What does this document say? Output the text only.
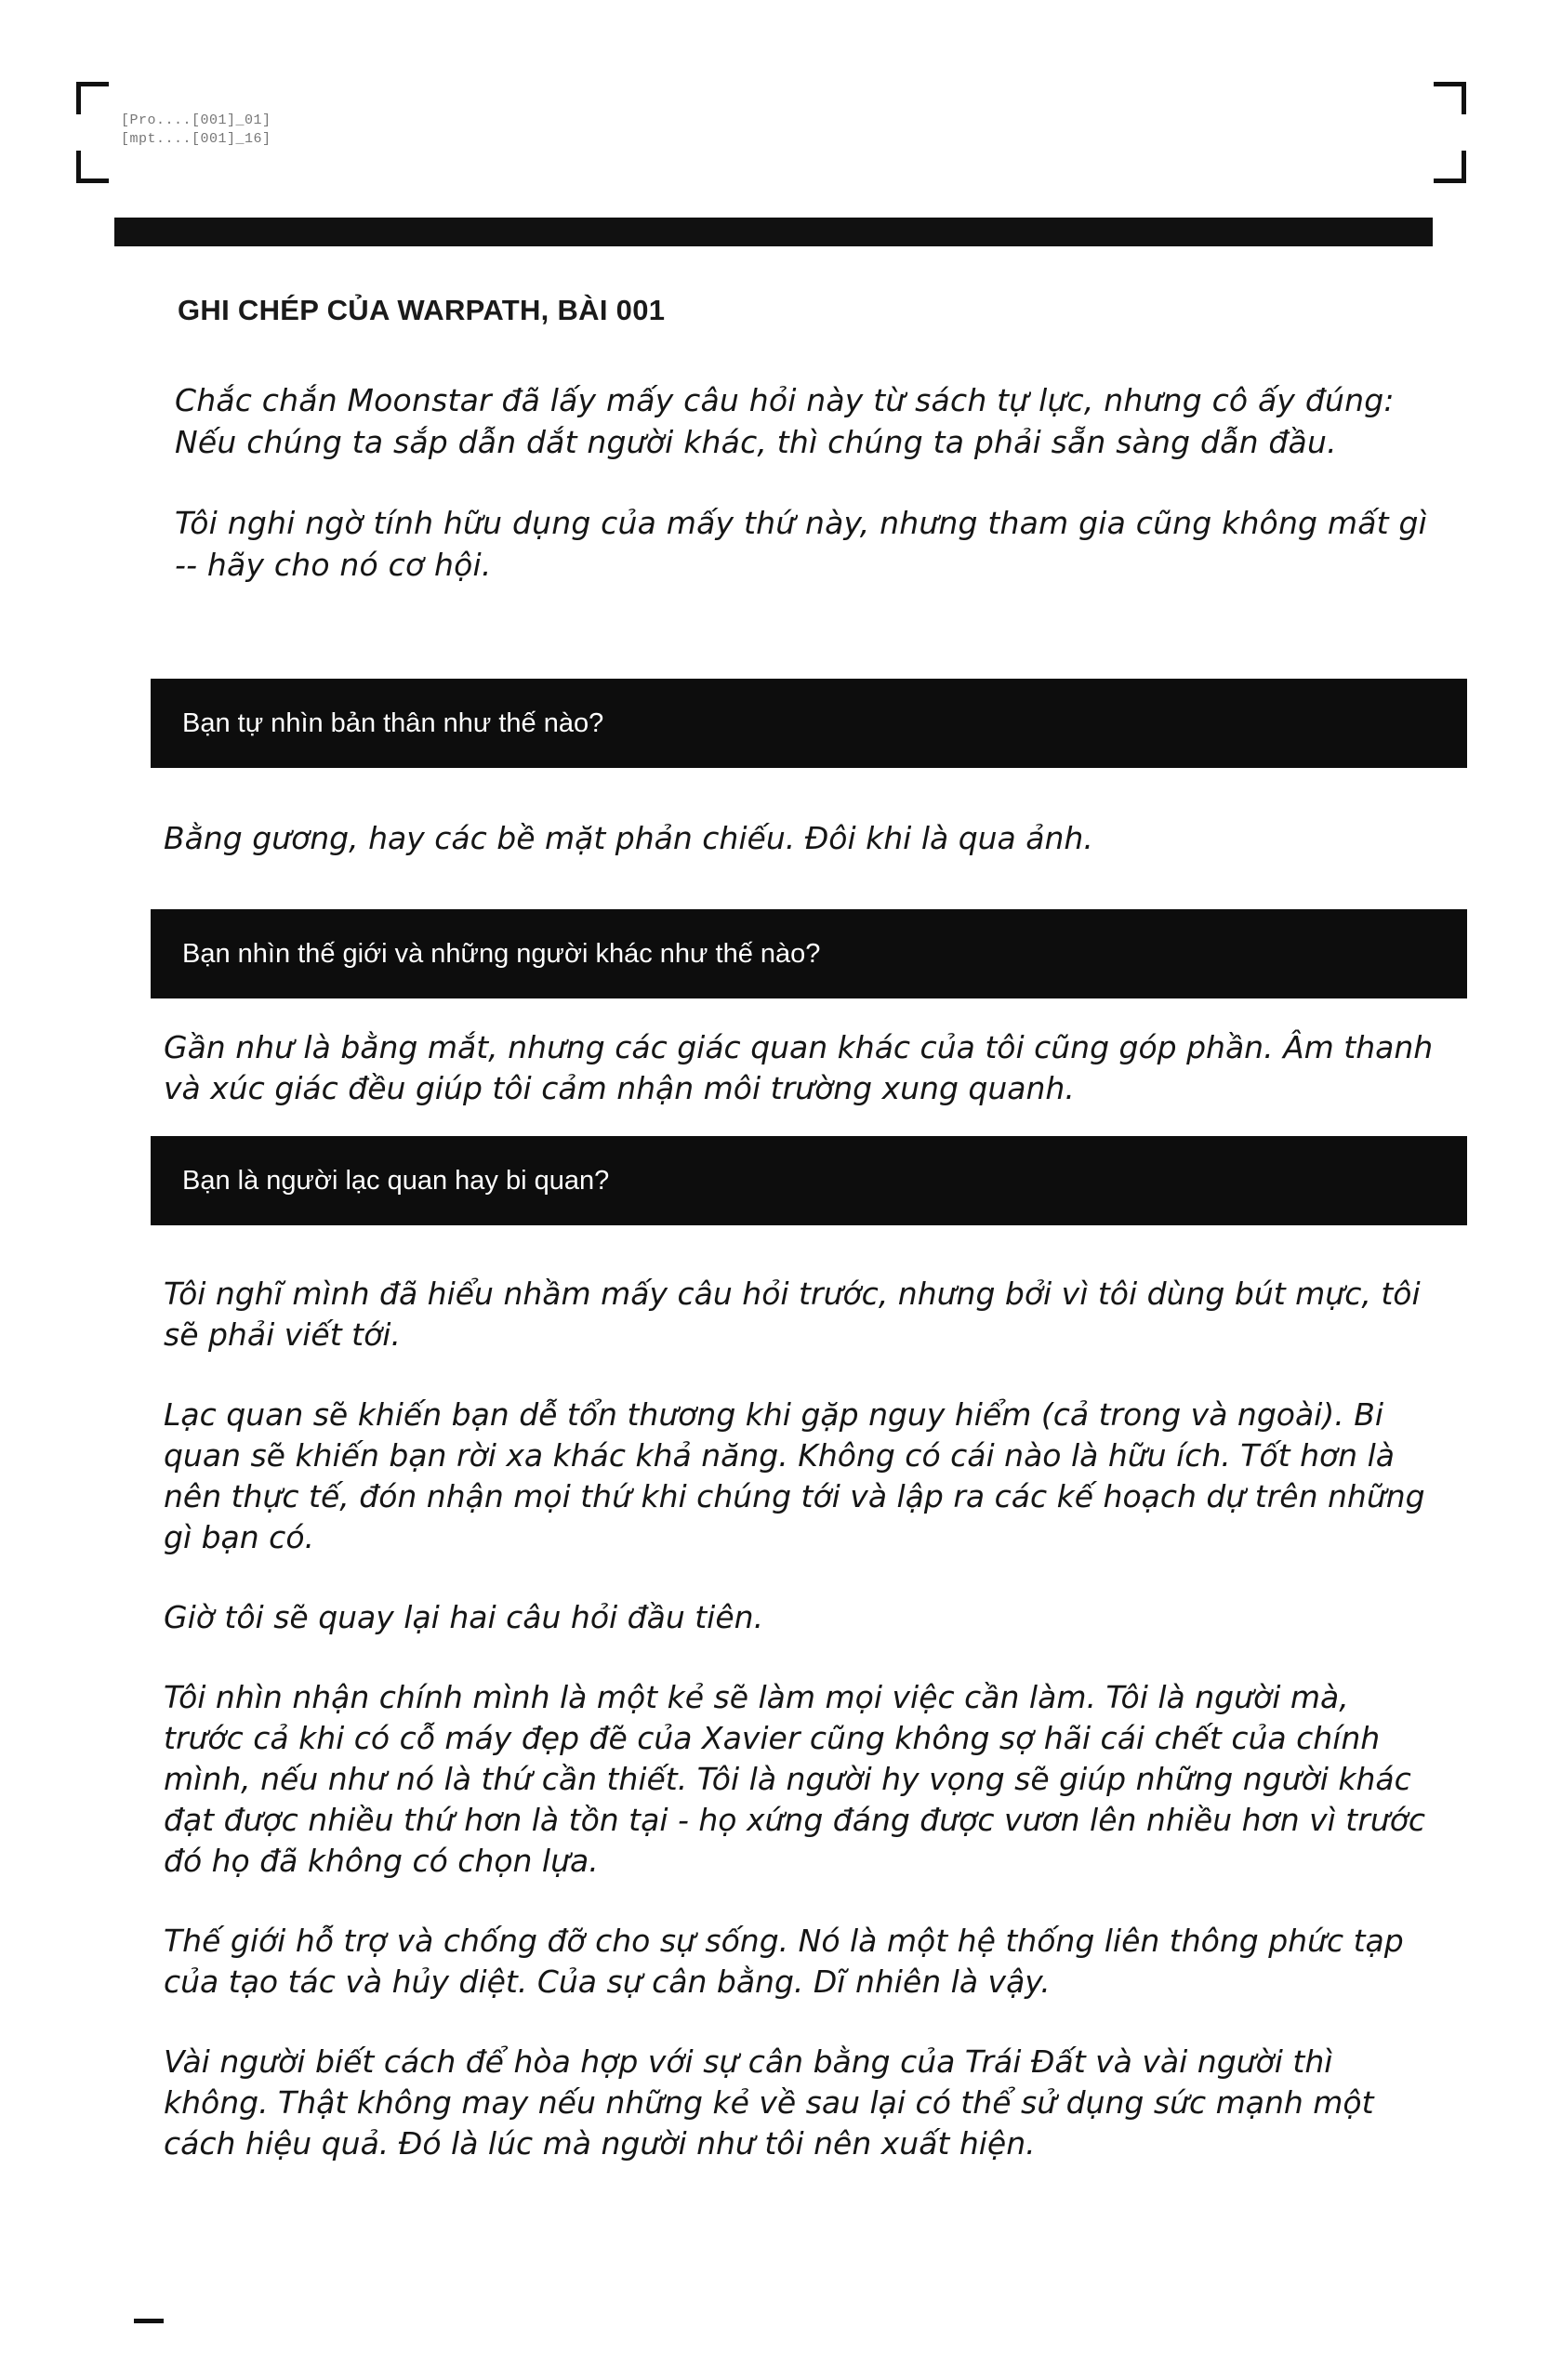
[Pro....[001]_01]
[mpt....[001]_16]
GHI CHÉP CỦA WARPATH, BÀI 001
Chắc chắn Moonstar đã lấy mấy câu hỏi này từ sách tự lực, nhưng cô ấy đúng: Nếu chúng ta sắp dẫn dắt người khác, thì chúng ta phải sẵn sàng dẫn đầu.
Tôi nghi ngờ tính hữu dụng của mấy thứ này, nhưng tham gia cũng không mất gì -- hãy cho nó cơ hội.
Bạn tự nhìn bản thân như thế nào?

Bằng gương, hay các bề mặt phản chiếu. Đôi khi là qua ảnh.

Bạn nhìn thế giới và những người khác như thế nào?

Gần như là bằng mắt, nhưng các giác quan khác của tôi cũng góp phần. Âm thanh và xúc giác đều giúp tôi cảm nhận môi trường xung quanh.

Bạn là người lạc quan hay bi quan?

Tôi nghĩ mình đã hiểu nhầm mấy câu hỏi trước, nhưng bởi vì tôi dùng bút mực, tôi sẽ phải viết tới.

Lạc quan sẽ khiến bạn dễ tổn thương khi gặp nguy hiểm (cả trong và ngoài). Bi quan sẽ khiến bạn rời xa khác khả năng. Không có cái nào là hữu ích. Tốt hơn là nên thực tế, đón nhận mọi thứ khi chúng tới và lập ra các kế hoạch dự trên những gì bạn có.

Giờ tôi sẽ quay lại hai câu hỏi đầu tiên.

Tôi nhìn nhận chính mình là một kẻ sẽ làm mọi việc cần làm. Tôi là người mà, trước cả khi có cỗ máy đẹp đẽ của Xavier cũng không sợ hãi cái chết của chính mình, nếu như nó là thứ cần thiết. Tôi là người hy vọng sẽ giúp những người khác đạt được nhiều thứ hơn là tồn tại - họ xứng đáng được vươn lên nhiều hơn vì trước đó họ đã không có chọn lựa.

Thế giới hỗ trợ và chống đỡ cho sự sống. Nó là một hệ thống liên thông phức tạp của tạo tác và hủy diệt. Của sự cân bằng. Dĩ nhiên là vậy.

Vài người biết cách để hòa hợp với sự cân bằng của Trái Đất và vài người thì không. Thật không may nếu những kẻ về sau lại có thể sử dụng sức mạnh một cách hiệu quả. Đó là lúc mà người như tôi nên xuất hiện.
